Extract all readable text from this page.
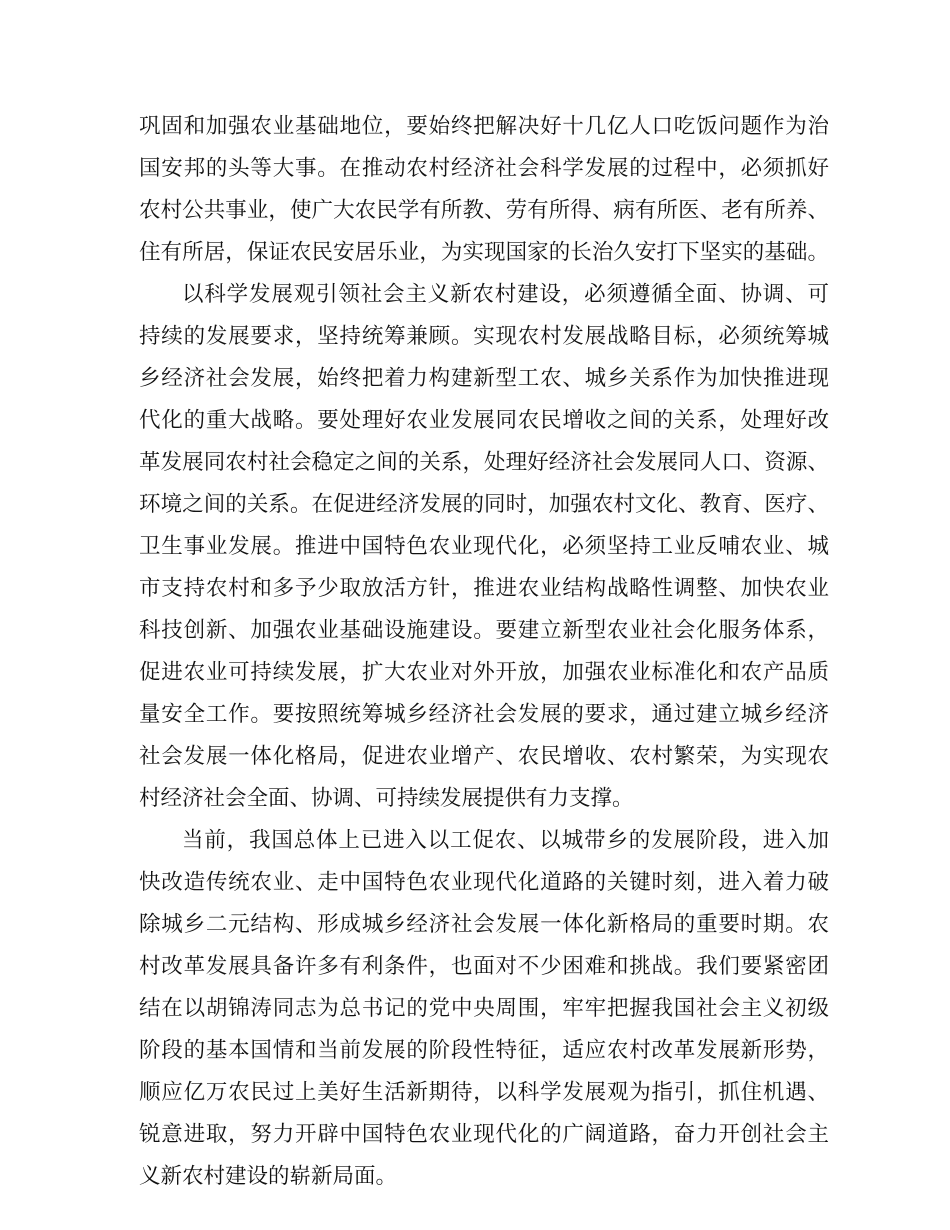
巩固和加强农业基础地位，要始终把解决好十几亿人口吃饭问题作为治
国安邦的头等大事。在推动农村经济社会科学发展的过程中，必须抓好
农村公共事业，使广大农民学有所教、劳有所得、病有所医、老有所养、
住有所居，保证农民安居乐业，为实现国家的长治久安打下坚实的基础。
以科学发展观引领社会主义新农村建设，必须遵循全面、协调、可
持续的发展要求，坚持统筹兼顾。实现农村发展战略目标，必须统筹城
乡经济社会发展，始终把着力构建新型工农、城乡关系作为加快推进现
代化的重大战略。要处理好农业发展同农民增收之间的关系，处理好改
革发展同农村社会稳定之间的关系，处理好经济社会发展同人口、资源、
环境之间的关系。在促进经济发展的同时，加强农村文化、教育、医疗、
卫生事业发展。推进中国特色农业现代化，必须坚持工业反哺农业、城
市支持农村和多予少取放活方针，推进农业结构战略性调整、加快农业
科技创新、加强农业基础设施建设。要建立新型农业社会化服务体系，
促进农业可持续发展，扩大农业对外开放，加强农业标准化和农产品质
量安全工作。要按照统筹城乡经济社会发展的要求，通过建立城乡经济
社会发展一体化格局，促进农业增产、农民增收、农村繁荣，为实现农
村经济社会全面、协调、可持续发展提供有力支撑。
当前，我国总体上已进入以工促农、以城带乡的发展阶段，进入加
快改造传统农业、走中国特色农业现代化道路的关键时刻，进入着力破
除城乡二元结构、形成城乡经济社会发展一体化新格局的重要时期。农
村改革发展具备许多有利条件，也面对不少困难和挑战。我们要紧密团
结在以胡锦涛同志为总书记的党中央周围，牢牢把握我国社会主义初级
阶段的基本国情和当前发展的阶段性特征，适应农村改革发展新形势，
顺应亿万农民过上美好生活新期待，以科学发展观为指引，抓住机遇、
锐意进取，努力开辟中国特色农业现代化的广阔道路，奋力开创社会主
义新农村建设的崭新局面。
